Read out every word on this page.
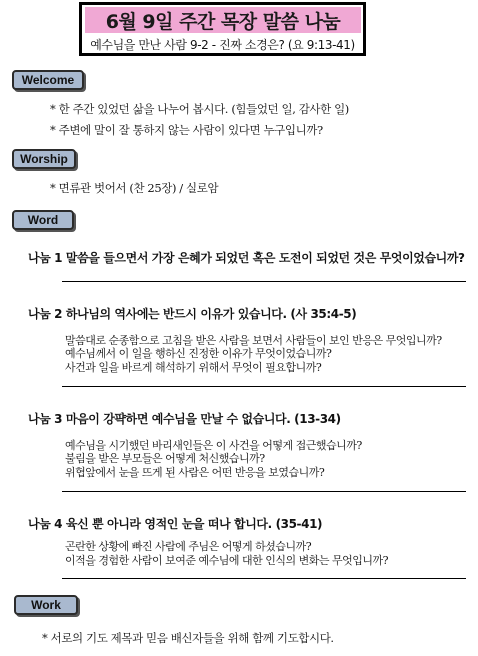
6월 9일 주간 목장 말씀 나눔
예수님을 만난 사람 9-2 - 진짜 소경은? (요 9:13-41)
Welcome
* 한 주간 있었던 삶을 나누어 봅시다. (힘들었던 일, 감사한 일)
* 주변에 말이 잘 통하지 않는 사람이 있다면 누구입니까?
Worship
* 면류관 벗어서 (찬 25장) / 실로암
Word
나눔 1 말씀을 들으면서 가장 은혜가 되었던 혹은 도전이 되었던 것은 무엇이었습니까?
나눔 2 하나님의 역사에는 반드시 이유가 있습니다. (사 35:4-5)
말씀대로 순종함으로 고침을 받은 사람을 보면서 사람들이 보인 반응은 무엇입니까?
예수님께서 이 일을 행하신 진정한 이유가 무엇이었습니까?
사건과 일을 바르게 해석하기 위해서 무엇이 필요합니까?
나눔 3 마음이 강퍅하면 예수님을 만날 수 없습니다. (13-34)
예수님을 시기했던 바리새인들은 이 사건을 어떻게 접근했습니까?
불림을 받은 부모들은 어떻게 처신했습니까?
위협앞에서 눈을 뜨게 된 사람은 어떤 반응을 보였습니까?
나눔 4 육신 뿐 아니라 영적인 눈을 떠나 합니다. (35-41)
곤란한 상황에 빠진 사람에 주님은 어떻게 하셨습니까?
이적을 경험한 사람이 보여준 예수님에 대한 인식의 변화는 무엇입니까?
Work
* 서로의 기도 제목과 믿음 배신자들을 위해 함께 기도합시다.
